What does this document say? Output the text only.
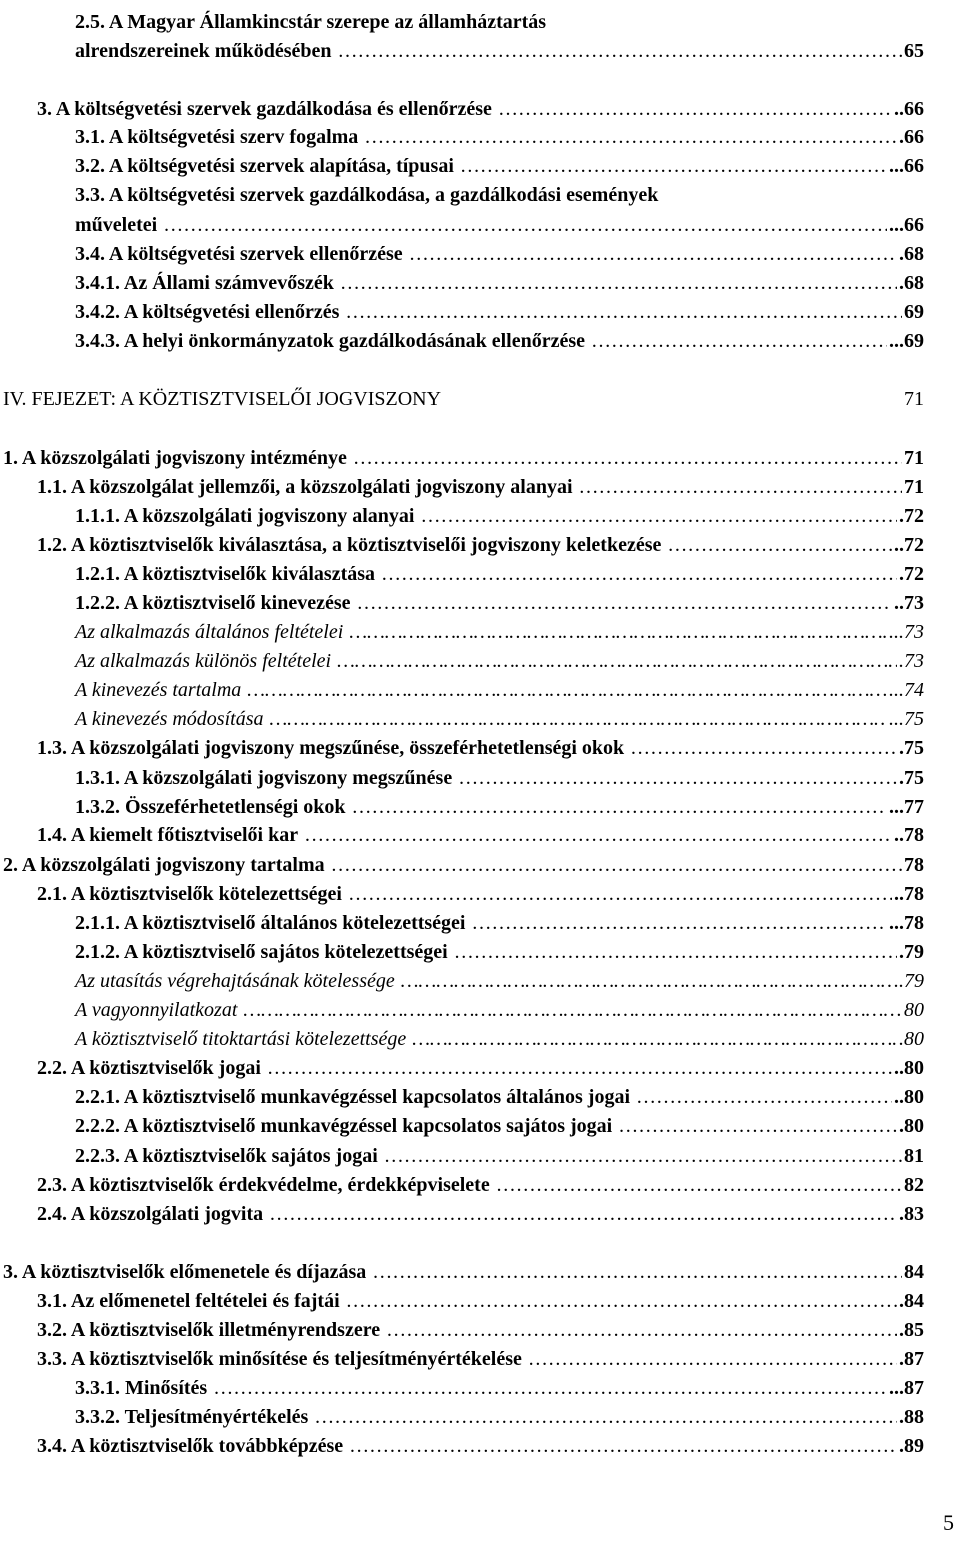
2.5. A Magyar Államkincstár szerepe az államháztartás
alrendszereinek működésében	65
…………………………………………………………………………………………………………………………………………………………………………………………………………………………………………………………
3. A költségvetési szervek gazdálkodása és ellenőrzése	..66
…………………………………………………………………………………………………………………………………………………………………………………………………………………………………………………………
3.1. A költségvetési szerv fogalma	.66
…………………………………………………………………………………………………………………………………………………………………………………………………………………………………………………………
3.2. A költségvetési szervek alapítása, típusai	...66
…………………………………………………………………………………………………………………………………………………………………………………………………………………………………………………………
3.3. A költségvetési szervek gazdálkodása, a gazdálkodási események
műveletei	...66
…………………………………………………………………………………………………………………………………………………………………………………………………………………………………………………………
3.4. A költségvetési szervek ellenőrzése	.68
…………………………………………………………………………………………………………………………………………………………………………………………………………………………………………………………
3.4.1. Az Állami számvevőszék	.68
…………………………………………………………………………………………………………………………………………………………………………………………………………………………………………………………
3.4.2. A költségvetési ellenőrzés	69
…………………………………………………………………………………………………………………………………………………………………………………………………………………………………………………………
3.4.3. A helyi önkormányzatok gazdálkodásának ellenőrzése	...69
…………………………………………………………………………………………………………………………………………………………………………………………………………………………………………………………
IV. FEJEZET: A KÖZTISZTVISELŐI JOGVISZONY	71
1. A közszolgálati jogviszony intézménye	71
…………………………………………………………………………………………………………………………………………………………………………………………………………………………………………………………
1.1. A közszolgálat jellemzői, a közszolgálati jogviszony alanyai	71
…………………………………………………………………………………………………………………………………………………………………………………………………………………………………………………………
1.1.1. A közszolgálati jogviszony alanyai	.72
…………………………………………………………………………………………………………………………………………………………………………………………………………………………………………………………
1.2. A köztisztviselők kiválasztása, a köztisztviselői jogviszony keletkezése	..72
…………………………………………………………………………………………………………………………………………………………………………………………………………………………………………………………
1.2.1. A köztisztviselők kiválasztása	.72
…………………………………………………………………………………………………………………………………………………………………………………………………………………………………………………………
1.2.2. A köztisztviselő kinevezése	..73
…………………………………………………………………………………………………………………………………………………………………………………………………………………………………………………………
Az alkalmazás általános feltételei	...73
…………………………………………………………………………………………………………………………………………………………………………………………………………………………………………………………
Az alkalmazás különös feltételei	.73
…………………………………………………………………………………………………………………………………………………………………………………………………………………………………………………………
A kinevezés tartalma	...74
…………………………………………………………………………………………………………………………………………………………………………………………………………………………………………………………
A kinevezés módosítása	...75
…………………………………………………………………………………………………………………………………………………………………………………………………………………………………………………………
1.3. A közszolgálati jogviszony megszűnése, összeférhetetlenségi okok	.75
…………………………………………………………………………………………………………………………………………………………………………………………………………………………………………………………
1.3.1. A közszolgálati jogviszony megszűnése	.75
…………………………………………………………………………………………………………………………………………………………………………………………………………………………………………………………
1.3.2. Összeférhetetlenségi okok	...77
…………………………………………………………………………………………………………………………………………………………………………………………………………………………………………………………
1.4. A kiemelt főtisztviselői kar	..78
…………………………………………………………………………………………………………………………………………………………………………………………………………………………………………………………
2. A közszolgálati jogviszony tartalma	78
…………………………………………………………………………………………………………………………………………………………………………………………………………………………………………………………
2.1. A köztisztviselők kötelezettségei	..78
…………………………………………………………………………………………………………………………………………………………………………………………………………………………………………………………
2.1.1. A köztisztviselő általános kötelezettségei	...78
…………………………………………………………………………………………………………………………………………………………………………………………………………………………………………………………
2.1.2. A köztisztviselő sajátos kötelezettségei	.79
…………………………………………………………………………………………………………………………………………………………………………………………………………………………………………………………
Az utasítás végrehajtásának kötelessége	..79
…………………………………………………………………………………………………………………………………………………………………………………………………………………………………………………………
A vagyonnyilatkozat	80
…………………………………………………………………………………………………………………………………………………………………………………………………………………………………………………………
A köztisztviselő titoktartási kötelezettsége	.80
…………………………………………………………………………………………………………………………………………………………………………………………………………………………………………………………
2.2. A köztisztviselők jogai	..80
…………………………………………………………………………………………………………………………………………………………………………………………………………………………………………………………
2.2.1. A köztisztviselő munkavégzéssel kapcsolatos általános jogai	..80
…………………………………………………………………………………………………………………………………………………………………………………………………………………………………………………………
2.2.2. A köztisztviselő munkavégzéssel kapcsolatos sajátos jogai	.80
…………………………………………………………………………………………………………………………………………………………………………………………………………………………………………………………
2.2.3. A köztisztviselők sajátos jogai	81
…………………………………………………………………………………………………………………………………………………………………………………………………………………………………………………………
2.3. A köztisztviselők érdekvédelme, érdekképviselete	82
…………………………………………………………………………………………………………………………………………………………………………………………………………………………………………………………
2.4. A közszolgálati jogvita	.83
…………………………………………………………………………………………………………………………………………………………………………………………………………………………………………………………
3. A köztisztviselők előmenetele és díjazása	84
…………………………………………………………………………………………………………………………………………………………………………………………………………………………………………………………
3.1. Az előmenetel feltételei és fajtái	.84
…………………………………………………………………………………………………………………………………………………………………………………………………………………………………………………………
3.2. A köztisztviselők illetményrendszere	.85
…………………………………………………………………………………………………………………………………………………………………………………………………………………………………………………………
3.3. A köztisztviselők minősítése és teljesítményértékelése	.87
…………………………………………………………………………………………………………………………………………………………………………………………………………………………………………………………
3.3.1. Minősítés	...87
…………………………………………………………………………………………………………………………………………………………………………………………………………………………………………………………
3.3.2. Teljesítményértékelés	.88
…………………………………………………………………………………………………………………………………………………………………………………………………………………………………………………………
3.4. A köztisztviselők továbbképzése	.89
…………………………………………………………………………………………………………………………………………………………………………………………………………………………………………………………
5
